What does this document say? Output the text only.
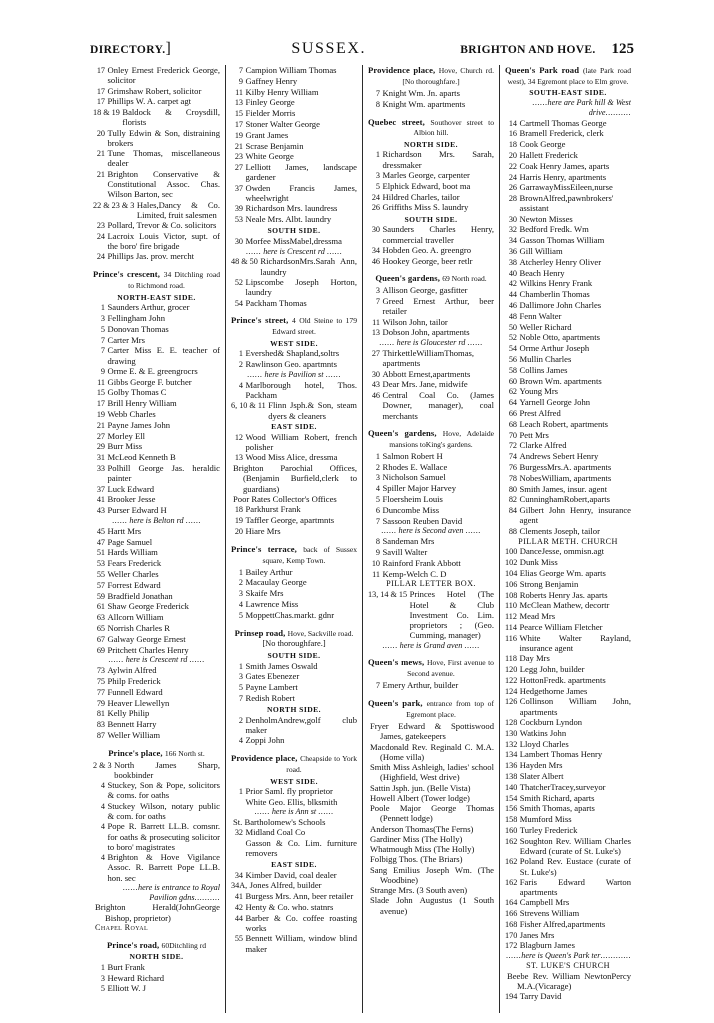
DIRECTORY.]	SUSSEX.	BRIGHTON AND HOVE. 125
17 Onley Ernest Frederick George, solicitor
17 Grimshaw Robert, solicitor
17 Phillips W. A. carpet agt
18 & 19 Baldock & Croysdill, florists
20 Tully Edwin & Son, distraining brokers
21 Tune Thomas, miscellaneous dealer
21 Brighton Conservative & Constitutional Assoc. Chas. Wilson Barton, sec
22 & 23 & 3 Hales,Dancy & Co. Limited, fruit salesmen
23 Pollard, Trevor & Co. solicitors
24 Lacroix Louis Victor, supt. of the boro' fire brigade
24 Phillips Jas. prov. mercht
Prince's crescent, 34 Ditchling road to Richmond road.
NORTH-EAST SIDE.
1 Saunders Arthur, grocer
3 Fellingham John
5 Donovan Thomas
7 Carter Mrs
7 Carter Miss E. E. teacher of drawing
9 Orme E. & E. greengrocrs
11 Gibbs George F. butcher
15 Golby Thomas C
17 Brill Henry William
19 Webb Charles
21 Payne James John
27 Morley Ell
29 Burr Miss
31 McLeod Kenneth B
33 Polhill George Jas. heraldic painter
37 Luck Edward
41 Brooker Jesse
43 Purser Edward H
...... here is Belton rd ......
45 Hartt Mrs
47 Page Samuel
51 Hards William
53 Fears Frederick
55 Weller Charles
57 Forrest Edward
59 Bradfield Jonathan
61 Shaw George Frederick
63 Allcorn William
65 Norrish Charles R
67 Galway George Ernest
69 Pritchett Charles Henry
...... here is Crescent rd ......
73 Aylwin Alfred
75 Philp Frederick
77 Funnell Edward
79 Heaver Llewellyn
81 Kelly Philip
83 Bennett Harry
87 Weller William
Prince's place, 166 North st.
2 & 3 North James Sharp, bookbinder
4 Stuckey, Son & Pope, solicitors & coms. for oaths
4 Stuckey Wilson, notary public & com. for oaths
4 Pope R. Barrett LL.B. comsnr. for oaths & prosecuting solicitor to boro' magistrates
4 Brighton & Hove Vigilance Assoc. R. Barrett Pope LL.B. hon. sec
......here is entrance to Royal Pavilion gdns..........
Brighton Herald(JohnGeorge Bishop, proprietor)
Chapel Royal
Prince's road, 60Ditchling rd
NORTH SIDE.
1 Burt Frank
3 Heward Richard
5 Elliott W. J
7 Campion William Thomas
9 Gaffney Henry
11 Kilby Henry William
13 Finley George
15 Fielder Morris
17 Stoner Walter George
19 Grant James
21 Scrase Benjamin
23 White George
27 Lelliott James, landscape gardener
37 Owden Francis James, wheelwright
39 Richardson Mrs. laundress
53 Neale Mrs. Albt. laundry
SOUTH SIDE.
30 Morfee MissMabel,dressma
...... here is Crescent rd ......
48 & 50 RichardsonMrs.Sarah Ann, laundry
52 Lipscombe Joseph Horton, laundry
54 Packham Thomas
Prince's street, 4 Old Steine to 179 Edward street.
WEST SIDE.
1 Evershed& Shapland,soltrs
2 Rawlinson Geo. apartmnts
...... here is Pavilion st ......
4 Marlborough hotel, Thos. Packham
6, 10 & 11 Flinn Jsph.& Son, steam dyers & cleaners
EAST SIDE.
12 Wood William Robert, french polisher
13 Wood Miss Alice, dressma
Brighton Parochial Offices, (Benjamin Burfield,clerk to guardians)
Poor Rates Collector's Offices
18 Parkhurst Frank
19 Taffler George, apartmnts
20 Hiare Mrs
Prince's terrace, back of Sussex square, Kemp Town.
1 Bailey Arthur
2 Macaulay George
3 Skaife Mrs
4 Lawrence Miss
5 MoppettChas.markt. gdnr
Prinsep road, Hove, Sackville road.
[No thoroughfare.]
SOUTH SIDE.
1 Smith James Oswald
3 Gates Ebenezer
5 Payne Lambert
7 Redish Robert
NORTH SIDE.
2 DenholmAndrew,golf club maker
4 Zoppi John
Providence place, Cheapside to York road.
WEST SIDE.
1 Prior Saml. fly proprietor
White Geo. Ellis, blksmith
...... here is Ann st ......
St. Bartholomew's Schools
32 Midland Coal Co
Gasson & Co. Lim. furniture removers
EAST SIDE.
34 Kimber David, coal dealer
34A, Jones Alfred, builder
41 Burgess Mrs. Ann, beer retailer
42 Henty & Co. who. statnrs
44 Barber & Co. coffee roasting works
55 Bennett William, window blind maker
Providence place, Hove, Church rd.[No thoroughfare.]
7 Knight Wm. Jn. aparts
8 Knight Wm. apartments
Quebec street, Southover street to Albion hill.
NORTH SIDE.
1 Richardson Mrs. Sarah, dressmaker
3 Marles George, carpenter
5 Elphick Edward, boot ma
24 Hildred Charles, tailor
26 Griffiths Miss S. laundry
SOUTH SIDE.
30 Saunders Charles Henry, commercial traveller
34 Hobden Geo. A. greengro
46 Hookey George, beer retlr
Queen's gardens, 69 North road.
3 Allison George, gasfitter
7 Greed Ernest Arthur, beer retailer
11 Wilson John, tailor
13 Dobson John, apartments
...... here is Gloucester rd ......
27 ThirkettleWilliamThomas, apartments
30 Abbott Ernest,apartments
43 Dear Mrs. Jane, midwife
46 Central Coal Co. (James Downer, manager), coal merchants
Queen's gardens, Hove, Adelaide mansions toKing's gardens.
1 Salmon Robert H
2 Rhodes E. Wallace
3 Nicholson Samuel
4 Spiller Major Harvey
5 Floersheim Louis
6 Duncombe Miss
7 Sassoon Reuben David
...... here is Second aven ......
8 Sandeman Mrs
9 Savill Walter
10 Rainford Frank Abbott
11 Kemp-Welch C. D
PILLAR LETTER BOX.
13, 14 & 15 Princes Hotel (The Hotel & Club Investment Co. Lim. proprietors ; (Geo. Cumming, manager)
...... here is Grand aven ......
Queen's mews, Hove, First avenue to Second avenue.
7 Emery Arthur, builder
Queen's park, entrance from top of Egremont place.
Fryer Edward & Spottiswood James, gatekeepers
Macdonald Rev. Reginald C. M.A. (Home villa)
Smith Miss Ashleigh, ladies' school (Highfield, West drive)
Sattin Jsph. jun. (Belle Vista)
Howell Albert (Tower lodge)
Poole Major George Thomas (Pennett lodge)
Anderson Thomas(The Ferns)
Gardiner Miss (The Holly)
Whatmough Miss (The Holly)
Folbigg Thos. (The Briars)
Sang Emilius Joseph Wm. (The Woodbine)
Strange Mrs. (3 South aven)
Slade John Augustus (1 South avenue)
Queen's Park road (late Park road west), 34 Egremont place to Elm grove.
SOUTH-EAST SIDE.
......here are Park hill & West drive..........
14 Cartmell Thomas George
16 Bramell Frederick, clerk
18 Cook George
20 Hallett Frederick
22 Coak Henry James, aparts
24 Harris Henry, apartments
26 GarrawayMissEileen,nurse
28 BrownAlfred,pawnbrokers' assistant
30 Newton Misses
32 Bedford Fredk. Wm
34 Gasson Thomas William
36 Gill William
38 Atcherley Henry Oliver
40 Beach Henry
42 Wilkins Henry Frank
44 Chamberlin Thomas
46 Dallimore John Charles
48 Fenn Walter
50 Weller Richard
52 Noble Otto, apartments
54 Orme Arthur Joseph
56 Mullin Charles
58 Collins James
60 Brown Wm. apartments
62 Young Mrs
64 Yarnell George John
66 Prest Alfred
68 Leach Robert, apartments
70 Pett Mrs
72 Clarke Alfred
74 Andrews Sebert Henry
76 BurgessMrs.A. apartments
78 NobesWilliam, apartments
80 Smith James, insur. agent
82 CunninghamRobert,aparts
84 Gilbert John Henry, insurance agent
88 Clements Joseph, tailor
PILLAR METH. CHURCH
100 DanceJesse, ommisn.agt
102 Dunk Miss
104 Elias George Wm. aparts
106 Strong Benjamin
108 Roberts Henry Jas. aparts
110 McClean Mathew, decortr
112 Mead Mrs
114 Pearce William Fletcher
116 White Walter Rayland, insurance agent
118 Day Mrs
120 Legg John, builder
122 HottonFredk. apartments
124 Hedgethorne James
126 Collinson William John, apartments
128 Cockburn Lyndon
130 Watkins John
132 Lloyd Charles
134 Lambert Thomas Henry
136 Hayden Mrs
138 Slater Albert
140 ThatcherTracey,surveyor
154 Smith Richard, aparts
156 Smith Thomas, aparts
158 Mumford Miss
160 Turley Frederick
162 Soughton Rev. William Charles Edward (curate of St. Luke's)
162 Poland Rev. Eustace (curate of St. Luke's)
162 Faris Edward Warton apartments
164 Campbell Mrs
166 Strevens William
168 Fisher Alfred,apartments
170 Janes Mrs
172 Blagburn James
......here is Queen's Park ter............
ST. LUKE'S CHURCH
Beebe Rev. William NewtonPercy M.A.(Vicarage)
194 Tarry David
